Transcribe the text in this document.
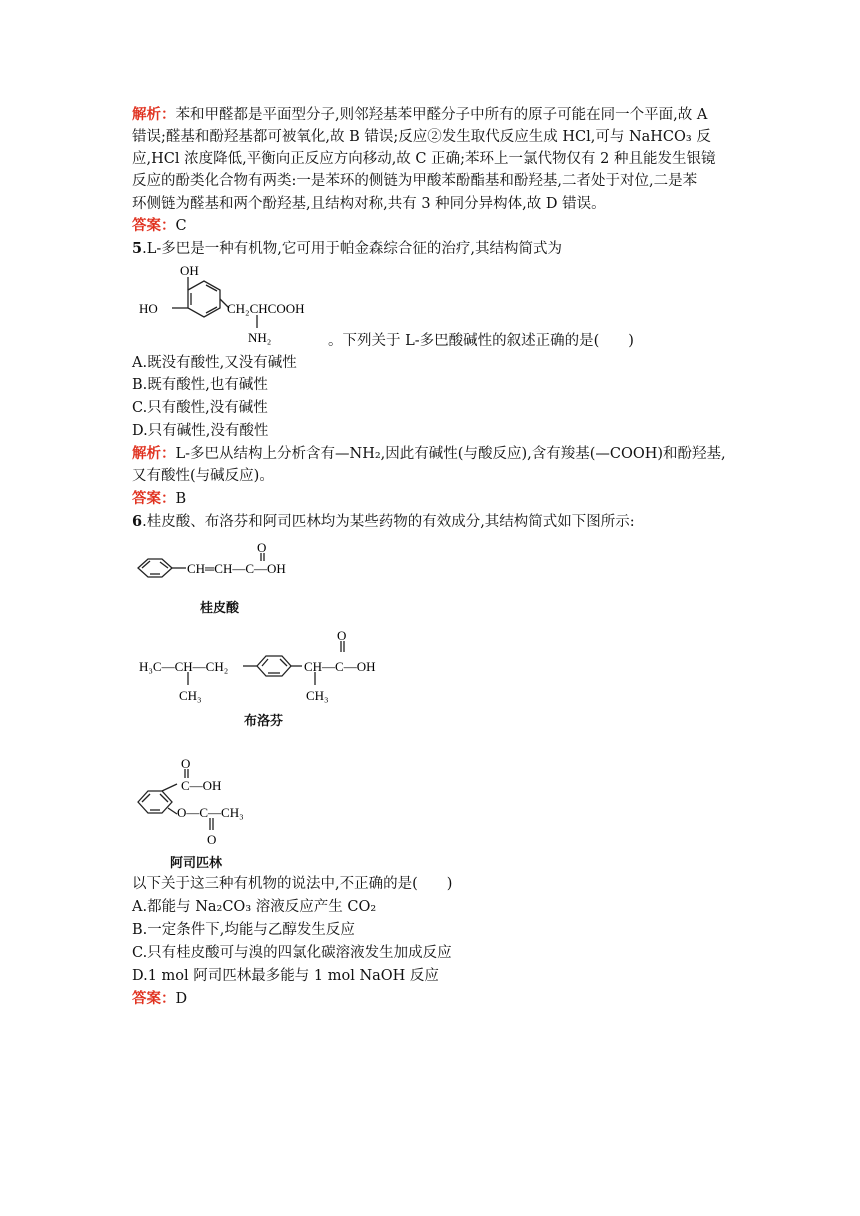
解析：苯和甲醛都是平面型分子,则邻羟基苯甲醛分子中所有的原子可能在同一个平面,故 A
错误;醛基和酚羟基都可被氧化,故 B 错误;反应②发生取代反应生成 HCl,可与 NaHCO₃ 反
应,HCl 浓度降低,平衡向正反应方向移动,故 C 正确;苯环上一氯代物仅有 2 种且能发生银镜
反应的酚类化合物有两类:一是苯环的侧链为甲酸苯酚酯基和酚羟基,二者处于对位,二是苯
环侧链为醛基和两个酚羟基,且结构对称,共有 3 种同分异构体,故 D 错误。
答案：C
5.L-多巴是一种有机物,它可用于帕金森综合征的治疗,其结构简式为
OH
HO	CH₂CHCOOH
NH₂	。下列关于 L-多巴酸碱性的叙述正确的是(　　)
A.既没有酸性,又没有碱性
B.既有酸性,也有碱性
C.只有酸性,没有碱性
D.只有碱性,没有酸性
解析：L-多巴从结构上分析含有—NH₂,因此有碱性(与酸反应),含有羧基(—COOH)和酚羟基,
又有酸性(与碱反应)。
答案：B
6.桂皮酸、布洛芬和阿司匹林均为某些药物的有效成分,其结构简式如下图所示:
O
CH═CH—C—OH
桂皮酸
O
H₃C—CH—CH₂
CH₃
CH—C—OH
CH₃
布洛芬
O
C—OH
O—C—CH₃
O
阿司匹林
以下关于这三种有机物的说法中,不正确的是(　　)
A.都能与 Na₂CO₃ 溶液反应产生 CO₂
B.一定条件下,均能与乙醇发生反应
C.只有桂皮酸可与溴的四氯化碳溶液发生加成反应
D.1 mol 阿司匹林最多能与 1 mol NaOH 反应
答案：D
